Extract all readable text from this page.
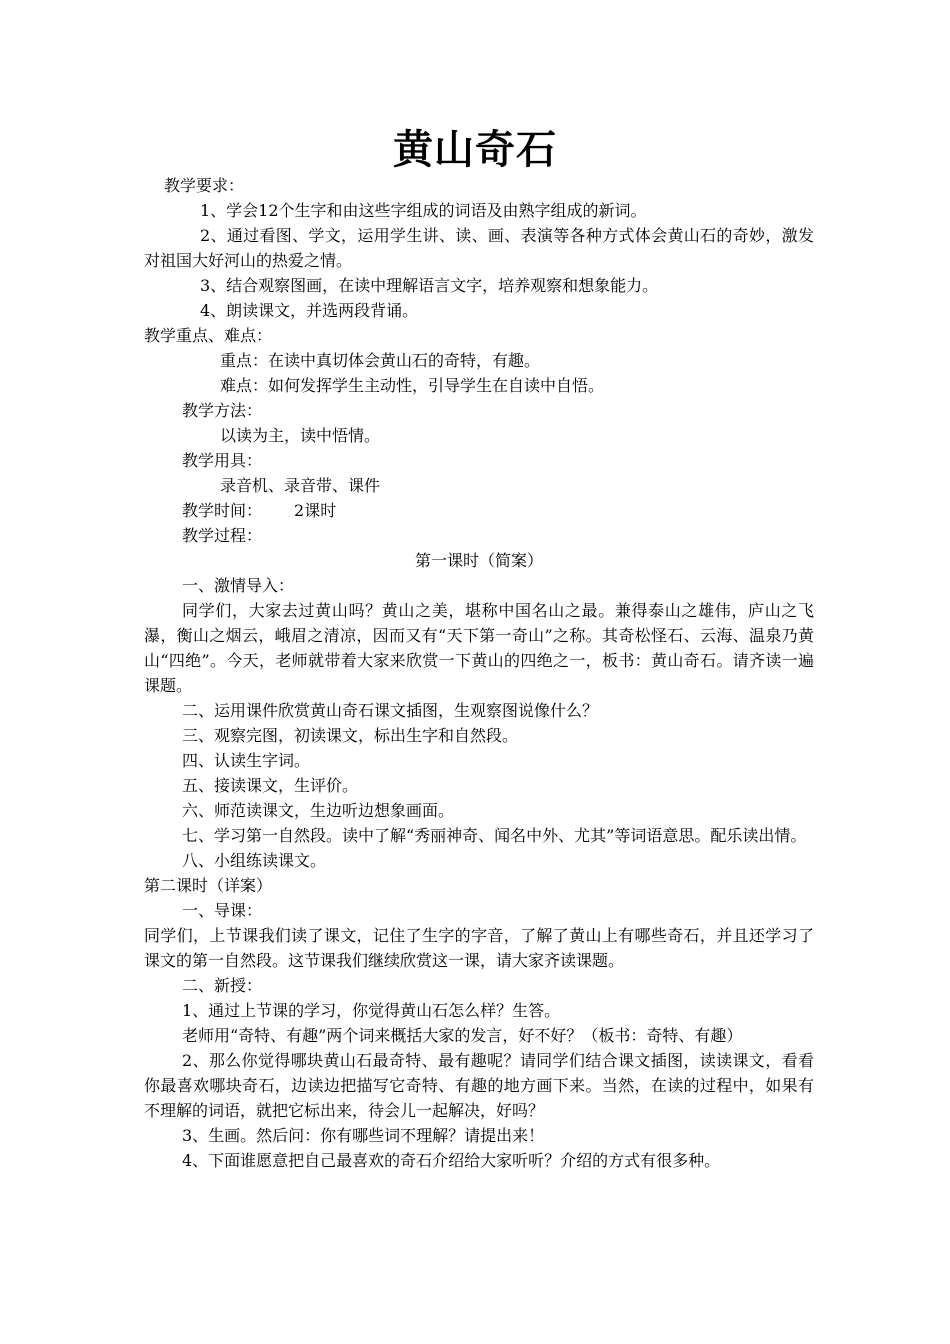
黄山奇石

教学要求：

1、学会12个生字和由这些字组成的词语及由熟字组成的新词。

2、通过看图、学文，运用学生讲、读、画、表演等各种方式体会黄山石的奇妙，激发对祖国大好河山的热爱之情。

3、结合观察图画，在读中理解语言文字，培养观察和想象能力。

4、朗读课文，并选两段背诵。

教学重点、难点：

重点：在读中真切体会黄山石的奇特，有趣。

难点：如何发挥学生主动性，引导学生在自读中自悟。

教学方法：

以读为主，读中悟情。

教学用具：

录音机、录音带、课件

教学时间： 2课时

教学过程：

第一课时（简案）

一、激情导入：

同学们，大家去过黄山吗？黄山之美，堪称中国名山之最。兼得泰山之雄伟，庐山之飞瀑，衡山之烟云，峨眉之清凉，因而又有“天下第一奇山”之称。其奇松怪石、云海、温泉乃黄山“四绝”。今天，老师就带着大家来欣赏一下黄山的四绝之一，板书：黄山奇石。请齐读一遍课题。

二、运用课件欣赏黄山奇石课文插图，生观察图说像什么？

三、观察完图，初读课文，标出生字和自然段。

四、认读生字词。

五、接读课文，生评价。

六、师范读课文，生边听边想象画面。

七、学习第一自然段。读中了解“秀丽神奇、闻名中外、尤其”等词语意思。配乐读出情。

八、小组练读课文。

第二课时（详案）

一、导课：

同学们，上节课我们读了课文，记住了生字的字音，了解了黄山上有哪些奇石，并且还学习了课文的第一自然段。这节课我们继续欣赏这一课，请大家齐读课题。

二、新授：

1、通过上节课的学习，你觉得黄山石怎么样？生答。

老师用“奇特、有趣”两个词来概括大家的发言，好不好？（板书：奇特、有趣）

2、那么你觉得哪块黄山石最奇特、最有趣呢？请同学们结合课文插图，读读课文，看看你最喜欢哪块奇石，边读边把描写它奇特、有趣的地方画下来。当然，在读的过程中，如果有不理解的词语，就把它标出来，待会儿一起解决，好吗？

3、生画。然后问：你有哪些词不理解？请提出来！

4、下面谁愿意把自己最喜欢的奇石介绍给大家听听？介绍的方式有很多种。
